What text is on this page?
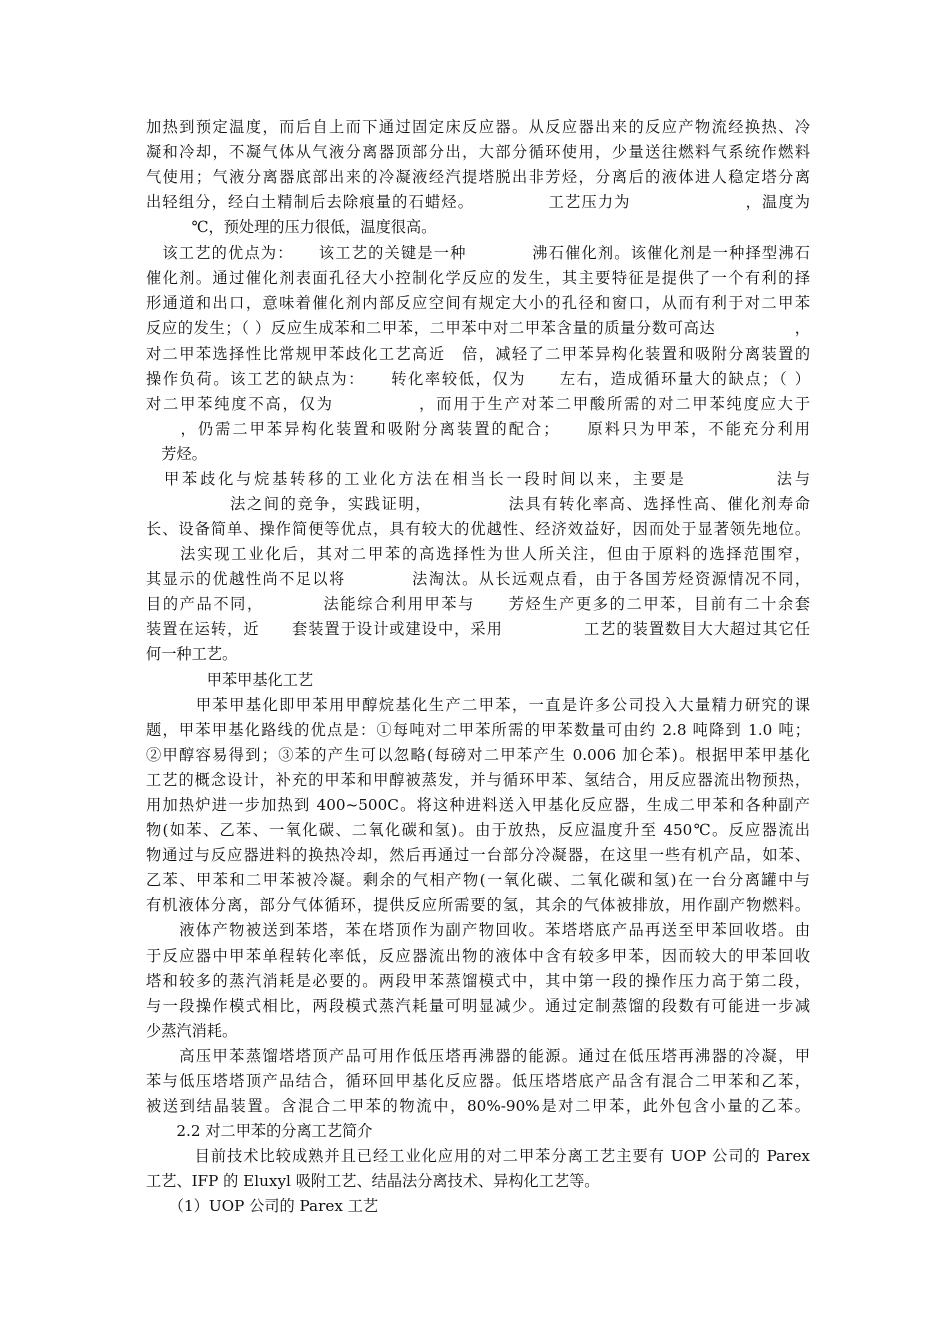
加热到预定温度，而后自上而下通过固定床反应器。从反应器出来的反应产物流经换热、冷
凝和冷却，不凝气体从气液分离器顶部分出，大部分循环使用，少量送往燃料气系统作燃料
气使用；气液分离器底部出来的冷凝液经汽提塔脱出非芳烃，分离后的液体进人稳定塔分离
出轻组分，经白土精制后去除痕量的石蜡烃。　　　　　工艺压力为　　　　　　　，温度为
　　　℃，预处理的压力很低，温度很高。
　该工艺的优点为：　　该工艺的关键是一种　　　　沸石催化剂。该催化剂是一种择型沸石
催化剂。通过催化剂表面孔径大小控制化学反应的发生，其主要特征是提供了一个有利的择
形通道和出口，意味着催化剂内部反应空间有规定大小的孔径和窗口，从而有利于对二甲苯
反应的发生；（ ）反应生成苯和二甲苯，二甲苯中对二甲苯含量的质量分数可高达　　　　　，
对二甲苯选择性比常规甲苯歧化工艺高近　倍，减轻了二甲苯异构化装置和吸附分离装置的
操作负荷。该工艺的缺点为：　　转化率较低，仅为　　左右，造成循环量大的缺点；（ ）
对二甲苯纯度不高，仅为　　　　　，而用于生产对苯二甲酸所需的对二甲苯纯度应大于
　　，仍需二甲苯异构化装置和吸附分离装置的配合；　　原料只为甲苯，不能充分利用
　芳烃。
　甲苯歧化与烷基转移的工业化方法在相当长一段时间以来，主要是　　　　　法与
　　　　　法之间的竞争，实践证明，　　　　　法具有转化率高、选择性高、催化剂寿命
长、设备简单、操作简便等优点，具有较大的优越性、经济效益好，因而处于显著领先地位。
　　法实现工业化后，其对二甲苯的高选择性为世人所关注，但由于原料的选择范围窄，
其显示的优越性尚不足以将　　　　法淘汰。从长远观点看，由于各国芳烃资源情况不同，
目的产品不同，　　　　法能综合利用甲苯与　　芳烃生产更多的二甲苯，目前有二十余套
装置在运转，近　　套装置于设计或建设中，采用　　　　　工艺的装置数目大大超过其它任
何一种工艺。
　　　　甲苯甲基化工艺
　　　甲苯甲基化即甲苯用甲醇烷基化生产二甲苯，一直是许多公司投入大量精力研究的课
题，甲苯甲基化路线的优点是：①每吨对二甲苯所需的甲苯数量可由约 2.8 吨降到 1.0 吨；
②甲醇容易得到；③苯的产生可以忽略(每磅对二甲苯产生 0.006 加仑苯)。根据甲苯甲基化
工艺的概念设计，补充的甲苯和甲醇被蒸发，并与循环甲苯、氢结合，用反应器流出物预热，
用加热炉进一步加热到 400~500C。将这种进料送入甲基化反应器，生成二甲苯和各种副产
物(如苯、乙苯、一氧化碳、二氧化碳和氢)。由于放热，反应温度升至 450℃。反应器流出
物通过与反应器进料的换热冷却，然后再通过一台部分冷凝器，在这里一些有机产品，如苯、
乙苯、甲苯和二甲苯被冷凝。剩余的气相产物(一氧化碳、二氧化碳和氢)在一台分离罐中与
有机液体分离，部分气体循环，提供反应所需要的氢，其余的气体被排放，用作副产物燃料。
　　液体产物被送到苯塔，苯在塔顶作为副产物回收。苯塔塔底产品再送至甲苯回收塔。由
于反应器中甲苯单程转化率低，反应器流出物的液体中含有较多甲苯，因而较大的甲苯回收
塔和较多的蒸汽消耗是必要的。两段甲苯蒸馏模式中，其中第一段的操作压力高于第二段，
与一段操作模式相比，两段模式蒸汽耗量可明显减少。通过定制蒸馏的段数有可能进一步减
少蒸汽消耗。
　　高压甲苯蒸馏塔塔顶产品可用作低压塔再沸器的能源。通过在低压塔再沸器的冷凝，甲
苯与低压塔塔顶产品结合，循环回甲基化反应器。低压塔塔底产品含有混合二甲苯和乙苯，
被送到结晶装置。含混合二甲苯的物流中，80%-90%是对二甲苯，此外包含小量的乙苯。
　　2.2 对二甲苯的分离工艺简介
　　　目前技术比较成熟并且已经工业化应用的对二甲苯分离工艺主要有 UOP 公司的 Parex
工艺、IFP 的 Eluxyl 吸附工艺、结晶法分离技术、异构化工艺等。
　　（1）UOP 公司的 Parex 工艺
